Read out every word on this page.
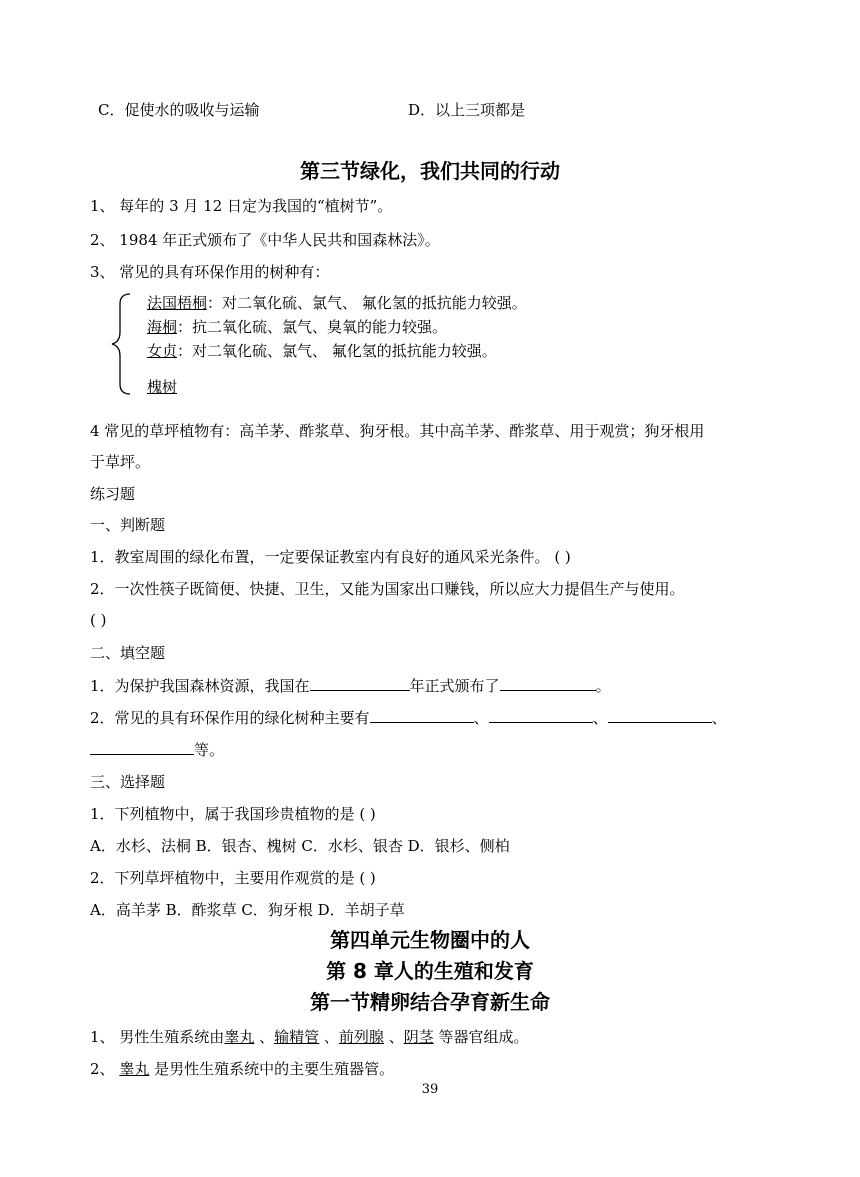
C．促使水的吸收与运输	D．以上三项都是
第三节绿化，我们共同的行动
1、 每年的 3 月 12 日定为我国的“植树节”。
2、 1984 年正式颁布了《中华人民共和国森林法》。
3、 常见的具有环保作用的树种有：
法国梧桐：对二氧化硫、氯气、 氟化氢的抵抗能力较强。
海桐：抗二氧化硫、氯气、臭氧的能力较强。
女贞：对二氧化硫、氯气、 氟化氢的抵抗能力较强。
槐树
4 常见的草坪植物有：高羊茅、酢浆草、狗牙根。其中高羊茅、酢浆草、用于观赏；狗牙根用
于草坪。
练习题
一、判断题
1．教室周围的绿化布置，一定要保证教室内有良好的通风采光条件。 ( )
2．一次性筷子既简便、快捷、卫生，又能为国家出口赚钱，所以应大力提倡生产与使用。
( )
二、填空题
1．为保护我国森林资源，我国在	年正式颁布了	。
2．常见的具有环保作用的绿化树种主要有	、	、	、
等。
三、选择题
1．下列植物中，属于我国珍贵植物的是 ( )
A．水杉、法桐 B．银杏、槐树 C．水杉、银杏 D．银杉、侧柏
2．下列草坪植物中，主要用作观赏的是 ( )
A．高羊茅 B．酢浆草 C．狗牙根 D．羊胡子草
第四单元生物圈中的人
第 8 章人的生殖和发育
第一节精卵结合孕育新生命
1、 男性生殖系统由睾丸 、输精管 、前列腺 、阴茎 等器官组成。
2、 睾丸 是男性生殖系统中的主要生殖器管。
39
